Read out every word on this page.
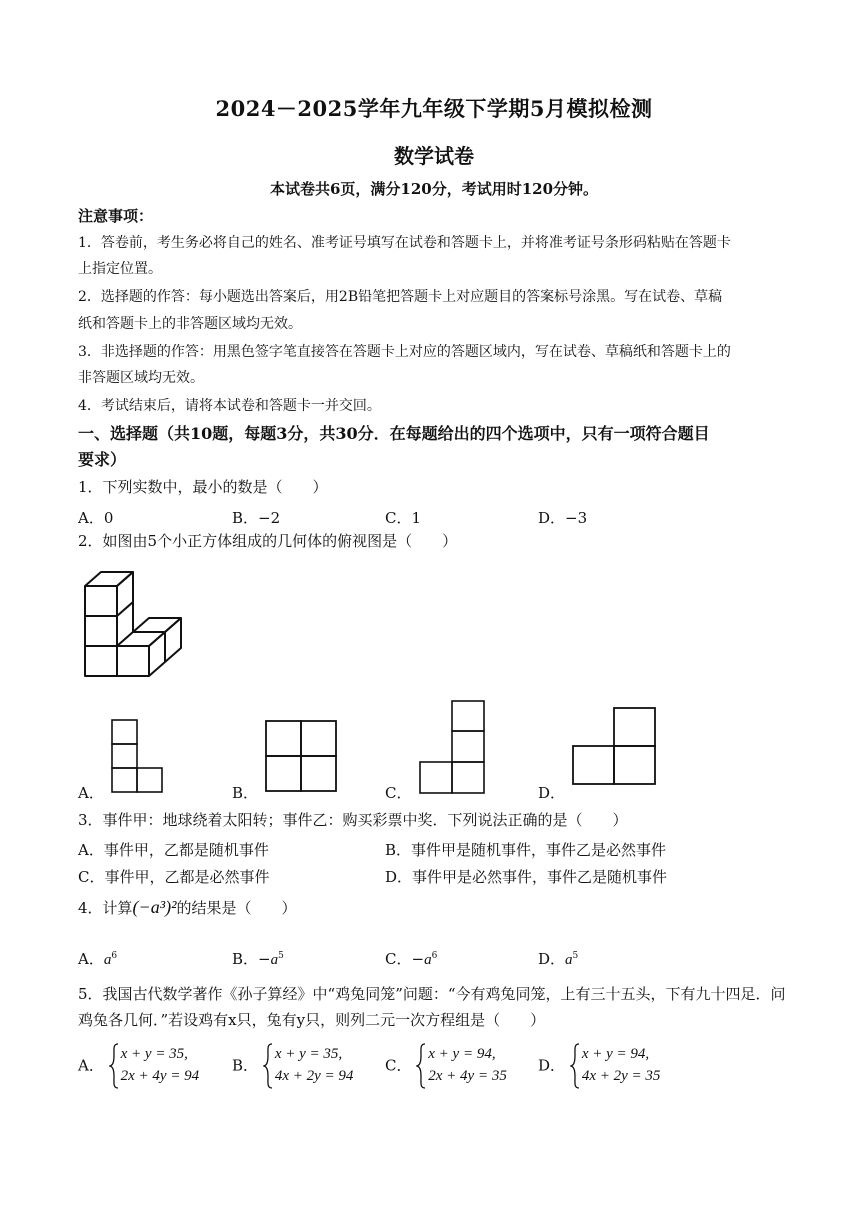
2024－2025学年九年级下学期5月模拟检测
数学试卷
本试卷共6页，满分120分，考试用时120分钟。
注意事项：
1．答卷前，考生务必将自己的姓名、准考证号填写在试卷和答题卡上，并将准考证号条形码粘贴在答题卡
上指定位置。
2．选择题的作答：每小题选出答案后，用2B铅笔把答题卡上对应题目的答案标号涂黑。写在试卷、草稿
纸和答题卡上的非答题区域均无效。
3．非选择题的作答：用黑色签字笔直接答在答题卡上对应的答题区域内，写在试卷、草稿纸和答题卡上的
非答题区域均无效。
4．考试结束后，请将本试卷和答题卡一并交回。
一、选择题（共10题，每题3分，共30分．在每题给出的四个选项中，只有一项符合题目
要求）
1．下列实数中，最小的数是（　　）
A．0	B．−2	C．1	D．−3
2．如图由5个小正方体组成的几何体的俯视图是（　　）
A．	B．	C．	D．
3．事件甲：地球绕着太阳转；事件乙：购买彩票中奖．下列说法正确的是（　　）
A．事件甲，乙都是随机事件	B．事件甲是随机事件，事件乙是必然事件
C．事件甲，乙都是必然事件	D．事件甲是必然事件，事件乙是随机事件
4．计算(−a³)²的结果是（　　）
A．$a^6$	B．$-a^5$	C．$-a^6$	D．$a^5$
5．我国古代数学著作《孙子算经》中“鸡兔同笼”问题：“今有鸡兔同笼，上有三十五头，下有九十四足．问
鸡兔各几何．”若设鸡有x只，兔有y只，则列二元一次方程组是（　　）
A．
x + y = 35,
2x + 4y = 94
B．
x + y = 35,
4x + 2y = 94
C．
x + y = 94,
2x + 4y = 35
D．
x + y = 94,
4x + 2y = 35
